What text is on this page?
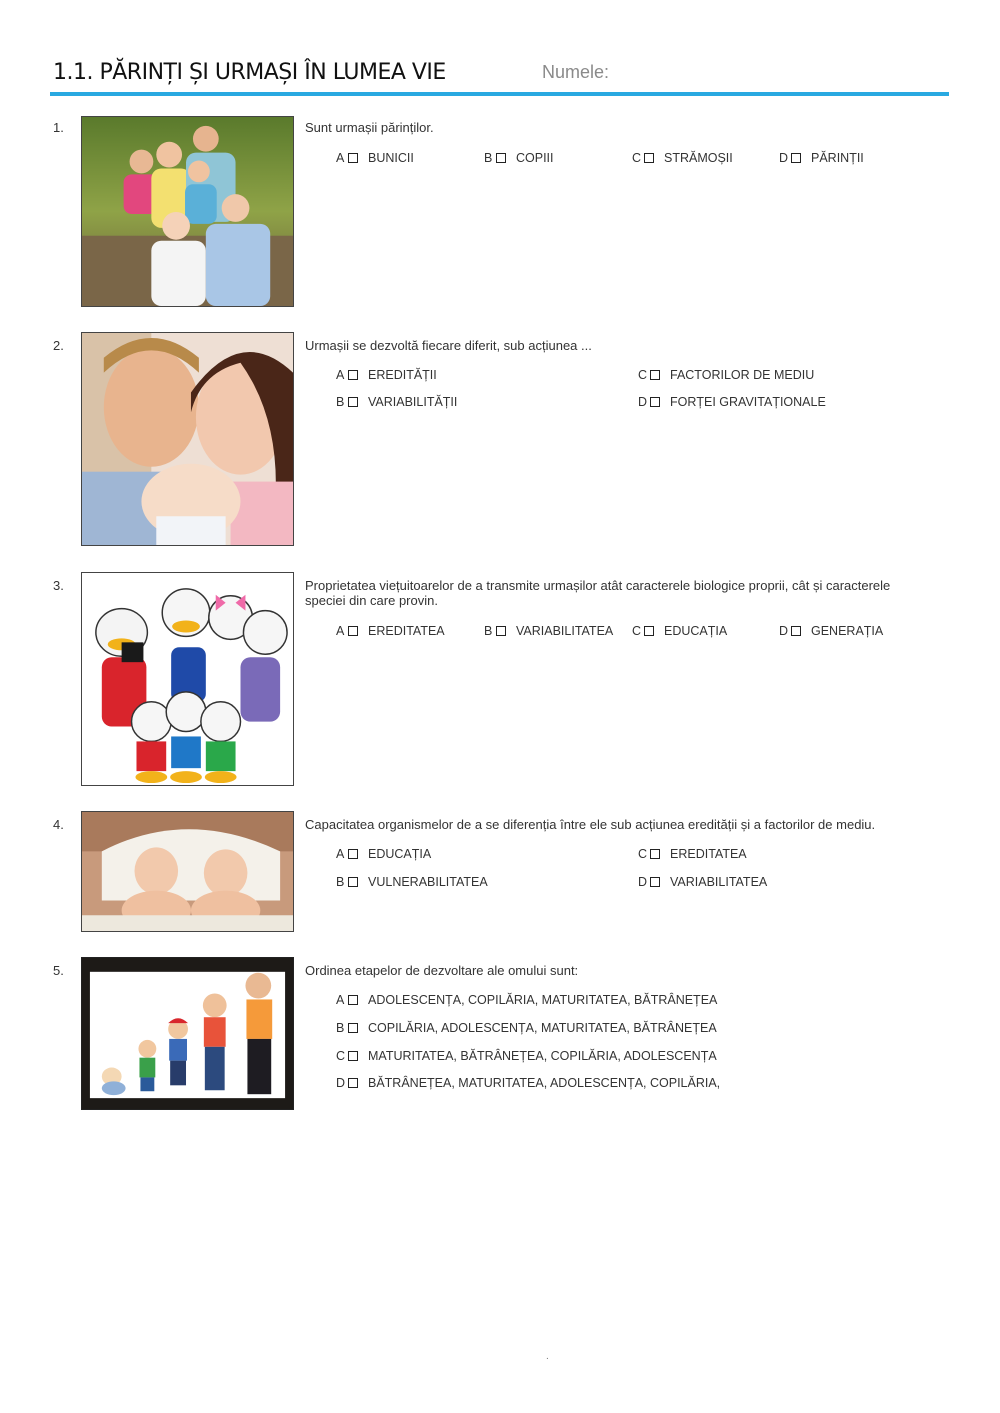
1.1. PĂRINȚI ȘI URMAȘI ÎN LUMEA VIE	Numele:
1.	Sunt urmașii părinților.
A BUNICII	B COPIII	C STRĂMOȘII	D PĂRINȚII
2.	Urmașii se dezvoltă fiecare diferit, sub acțiunea ...
A EREDITĂȚII
B VARIABILITĂȚII
C FACTORILOR DE MEDIU
D FORȚEI GRAVITAȚIONALE
3.	Proprietatea viețuitoarelor de a transmite urmașilor atât caracterele biologice proprii, cât și caracterele speciei din care provin.
A EREDITATEA	B VARIABILITATEA C EDUCAȚIA	D GENERAȚIA
4.	Capacitatea organismelor de a se diferenția între ele sub acțiunea eredității și a factorilor de mediu.
A EDUCAȚIA
B VULNERABILITATEA
C EREDITATEA
D VARIABILITATEA
5.	Ordinea etapelor de dezvoltare ale omului sunt:
A ADOLESCENȚA, COPILĂRIA, MATURITATEA, BĂTRÂNEȚEA
B COPILĂRIA, ADOLESCENȚA, MATURITATEA, BĂTRÂNEȚEA
C MATURITATEA, BĂTRÂNEȚEA, COPILĂRIA, ADOLESCENȚA
D BĂTRÂNEȚEA, MATURITATEA, ADOLESCENȚA, COPILĂRIA,
.
